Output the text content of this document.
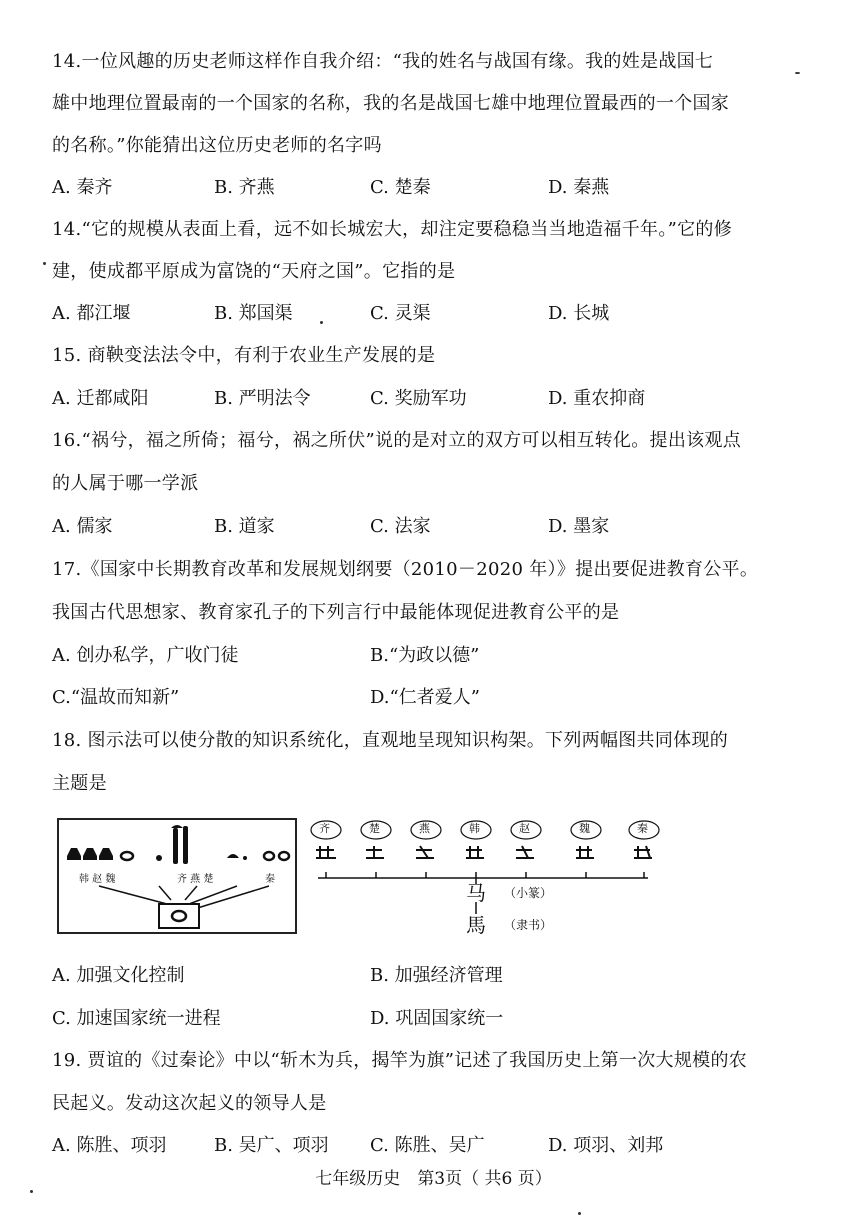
14.一位风趣的历史老师这样作自我介绍：“我的姓名与战国有缘。我的姓是战国七
雄中地理位置最南的一个国家的名称，我的名是战国七雄中地理位置最西的一个国家
的名称。”你能猜出这位历史老师的名字吗
A. 秦齐	B. 齐燕	C. 楚秦	D. 秦燕
14.“它的规模从表面上看，远不如长城宏大，却注定要稳稳当当地造福千年。”它的修
建，使成都平原成为富饶的“天府之国”。它指的是
A. 都江堰	B. 郑国渠	C. 灵渠	D. 长城
15. 商鞅变法法令中，有利于农业生产发展的是
A. 迁都咸阳	B. 严明法令	C. 奖励军功	D. 重农抑商
16.“祸兮，福之所倚；福兮，祸之所伏”说的是对立的双方可以相互转化。提出该观点
的人属于哪一学派
A. 儒家	B. 道家	C. 法家	D. 墨家
17.《国家中长期教育改革和发展规划纲要（2010－2020 年）》提出要促进教育公平。
我国古代思想家、教育家孔子的下列言行中最能体现促进教育公平的是
A. 创办私学，广收门徒	B.“为政以德”
C.“温故而知新”	D.“仁者爱人”
18. 图示法可以使分散的知识系统化，直观地呈现知识构架。下列两幅图共同体现的
主题是
韩 赵 魏	齐 燕 楚	秦
齐	楚	燕	韩	赵	魏	秦
马 （小篆）
馬 （隶书）
A. 加强文化控制	B. 加强经济管理
C. 加速国家统一进程	D. 巩固国家统一
19. 贾谊的《过秦论》中以“斩木为兵，揭竿为旗”记述了我国历史上第一次大规模的农
民起义。发动这次起义的领导人是
A. 陈胜、项羽	B. 吴广、项羽 C. 陈胜、吴广	D. 项羽、刘邦
七年级历史　第3页（ 共6 页）
